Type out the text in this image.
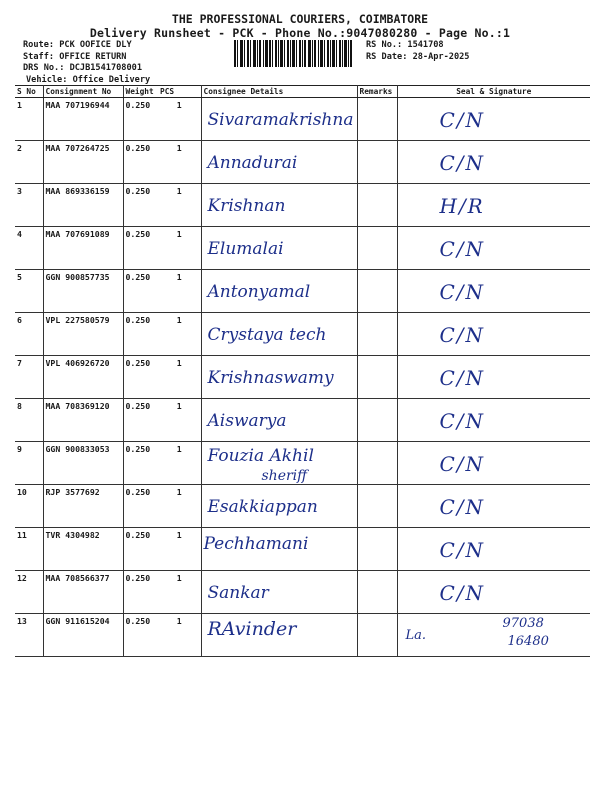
THE PROFESSIONAL COURIERS, COIMBATORE
Delivery Runsheet - PCK - Phone No.:9047080280 - Page No.:1
Route: PCK OOFICE DLY
Staff: OFFICE RETURN
DRS No.: DCJB1541708001
Vehicle: Office Delivery
RS No.: 1541708
RS Date: 28-Apr-2025
S No	Consignment No	Weight	PCS	Consignee Details	Remarks	Seal & Signature
1	MAA 707196944	0.250	1	Sivaramakrishna		C/N

2	MAA 707264725	0.250	1	Annadurai		C/N

3	MAA 869336159	0.250	1	Krishnan		H/R

4	MAA 707691089	0.250	1	Elumalai		C/N

5	GGN 900857735	0.250	1	Antonyamal		C/N

6	VPL 227580579	0.250	1	Crystaya tech		C/N

7	VPL 406926720	0.250	1	Krishnaswamy		C/N

8	MAA 708369120	0.250	1	Aiswarya		C/N

9	GGN 900833053	0.250	1	Fouzia Akhil
sheriff		C/N

10	RJP 3577692	0.250	1	Esakkiappan		C/N

11	TVR 4304982	0.250	1	Pechhamani		C/N

12	MAA 708566377	0.250	1	Sankar		C/N

13	GGN 911615204	0.250	1	RAvinder		La.
97038
16480
